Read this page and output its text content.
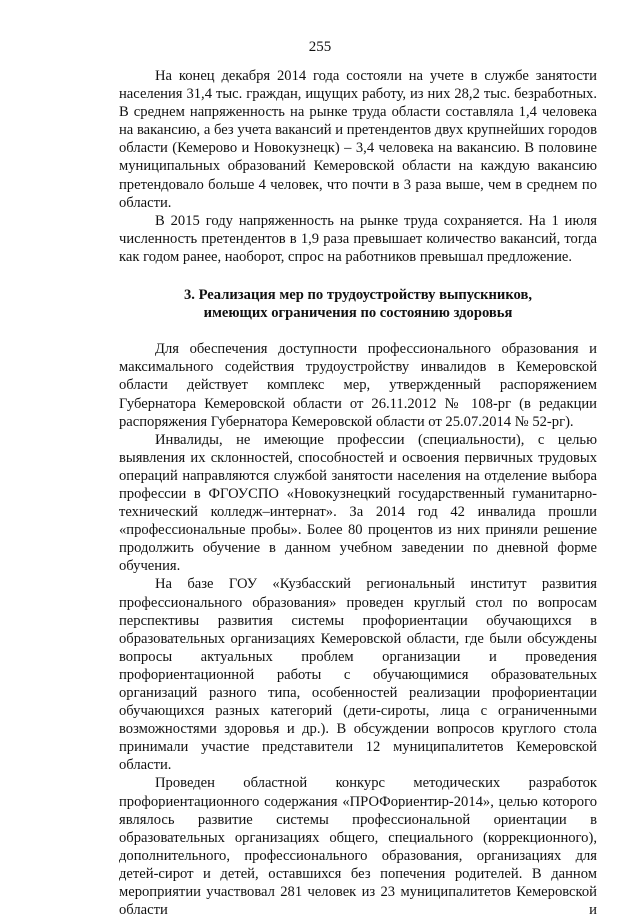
255

На конец декабря 2014 года состояли на учете в службе занятости населения 31,4 тыс. граждан, ищущих работу, из них 28,2 тыс. безработных. В среднем напряженность на рынке труда области составляла 1,4 человека на вакансию, а без учета вакансий и претендентов двух крупнейших городов области (Кемерово и Новокузнецк) – 3,4 человека на вакансию. В половине муниципальных образований Кемеровской области на каждую вакансию претендовало больше 4 человек, что почти в 3 раза выше, чем в среднем по области.

В 2015 году напряженность на рынке труда сохраняется. На 1 июля численность претендентов в 1,9 раза превышает количество вакансий, тогда как годом ранее, наоборот, спрос на работников превышал предложение.

3. Реализация мер по трудоустройству выпускников,
имеющих ограничения по состоянию здоровья

Для обеспечения доступности профессионального образования и максимального содействия трудоустройству инвалидов в Кемеровской области действует комплекс мер, утвержденный распоряжением Губернатора Кемеровской области от 26.11.2012 № 108-рг (в редакции распоряжения Губернатора Кемеровской области от 25.07.2014 № 52-рг).

Инвалиды, не имеющие профессии (специальности), с целью выявления их склонностей, способностей и освоения первичных трудовых операций направляются службой занятости населения на отделение выбора профессии в ФГОУСПО «Новокузнецкий государственный гуманитарно-технический колледж–интернат». За 2014 год 42 инвалида прошли «профессиональные пробы». Более 80 процентов из них приняли решение продолжить обучение в данном учебном заведении по дневной форме обучения.

На базе ГОУ «Кузбасский региональный институт развития профессионального образования» проведен круглый стол по вопросам перспективы развития системы профориентации обучающихся в образовательных организациях Кемеровской области, где были обсуждены вопросы актуальных проблем организации и проведения профориентационной работы с обучающимися образовательных организаций разного типа, особенностей реализации профориентации обучающихся разных категорий (дети-сироты, лица с ограниченными возможностями здоровья и др.). В обсуждении вопросов круглого стола принимали участие представители 12 муниципалитетов Кемеровской области.

Проведен областной конкурс методических разработок профориентационного содержания «ПРОФориентир-2014», целью которого являлось развитие системы профессиональной ориентации в образовательных организациях общего, специального (коррекционного), дополнительного, профессионального образования, организациях для детей-сирот и детей, оставшихся без попечения родителей. В данном мероприятии участвовал 281 человек из 23 муниципалитетов Кемеровской области и
